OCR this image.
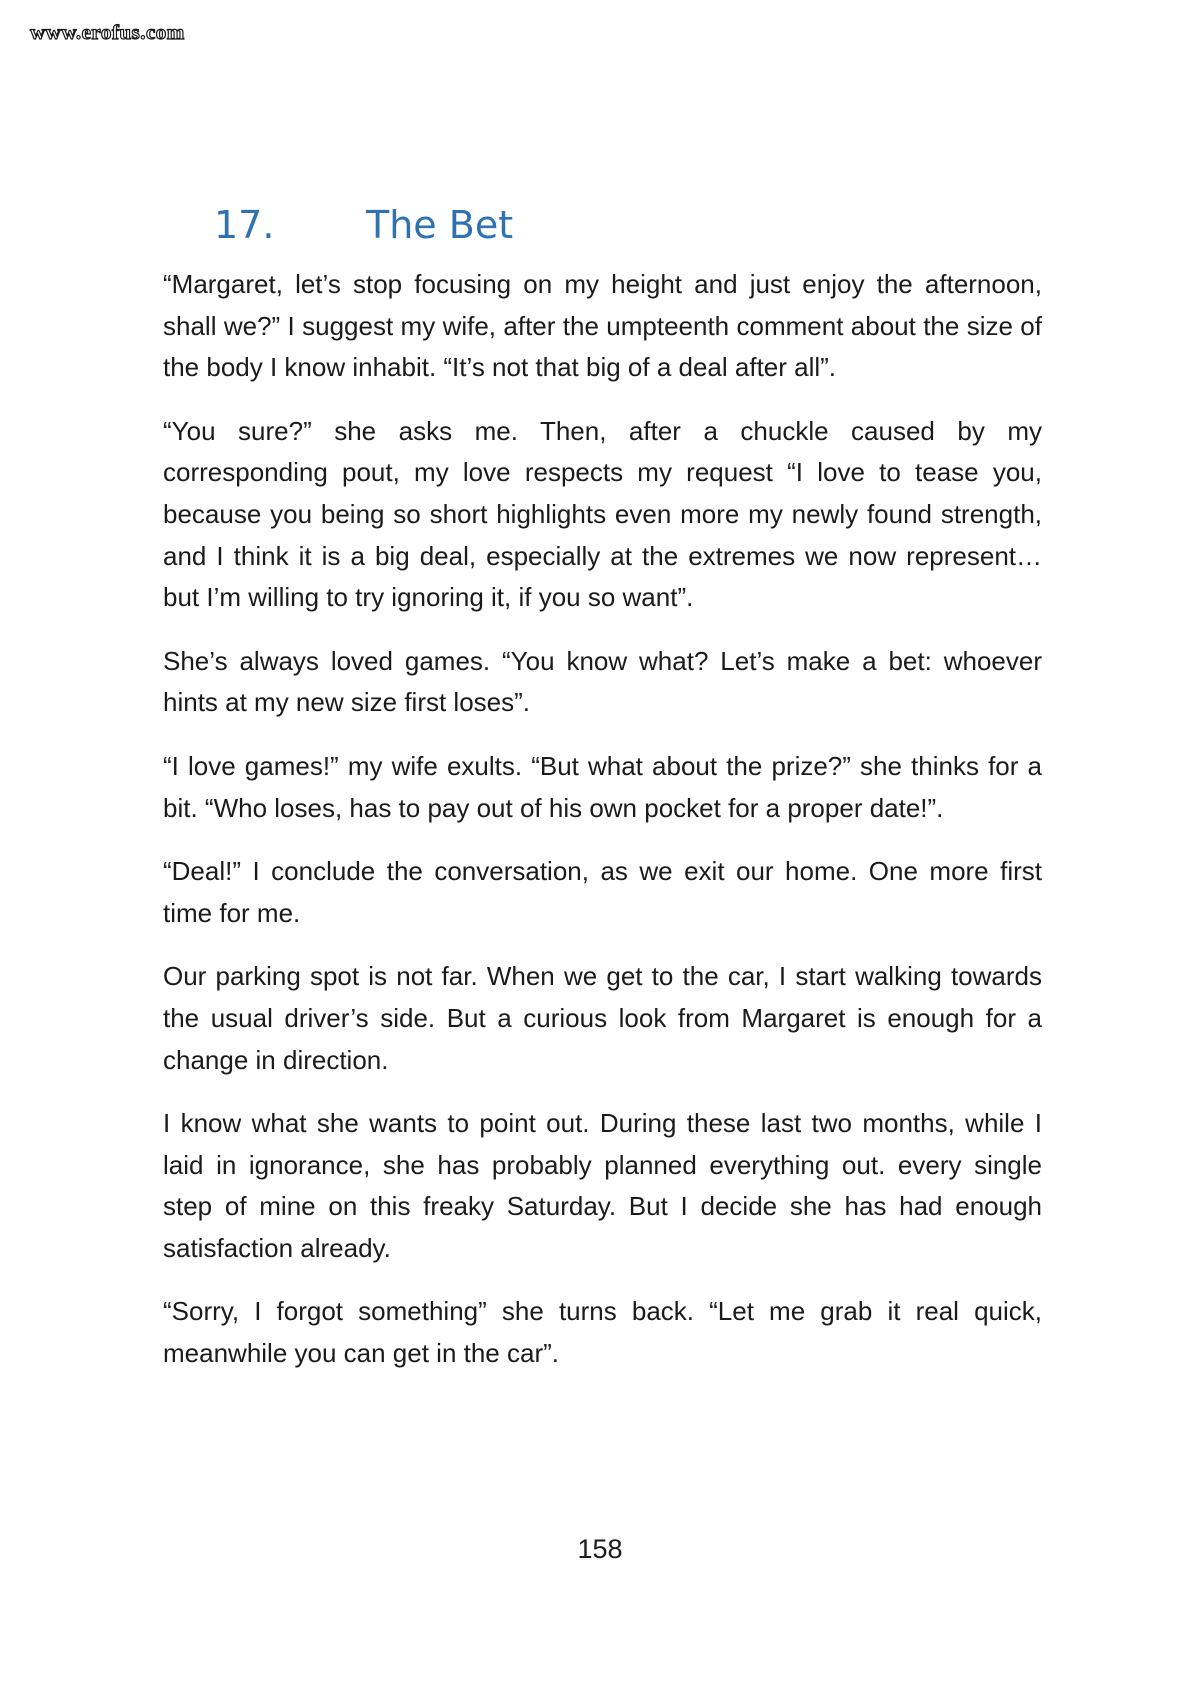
www.erofus.com
17.	The Bet

“Margaret, let’s stop focusing on my height and just enjoy the afternoon, shall we?” I suggest my wife, after the umpteenth comment about the size of the body I know inhabit. “It’s not that big of a deal after all”.

“You sure?” she asks me. Then, after a chuckle caused by my corresponding pout, my love respects my request “I love to tease you, because you being so short highlights even more my newly found strength, and I think it is a big deal, especially at the extremes we now represent… but I’m willing to try ignoring it, if you so want”.

She’s always loved games. “You know what? Let’s make a bet: whoever hints at my new size first loses”.

“I love games!” my wife exults. “But what about the prize?” she thinks for a bit. “Who loses, has to pay out of his own pocket for a proper date!”.

“Deal!” I conclude the conversation, as we exit our home. One more first time for me.

Our parking spot is not far. When we get to the car, I start walking towards the usual driver’s side. But a curious look from Margaret is enough for a change in direction.

I know what she wants to point out. During these last two months, while I laid in ignorance, she has probably planned everything out. every single step of mine on this freaky Saturday. But I decide she has had enough satisfaction already.

“Sorry, I forgot something” she turns back. “Let me grab it real quick, meanwhile you can get in the car”.

158
